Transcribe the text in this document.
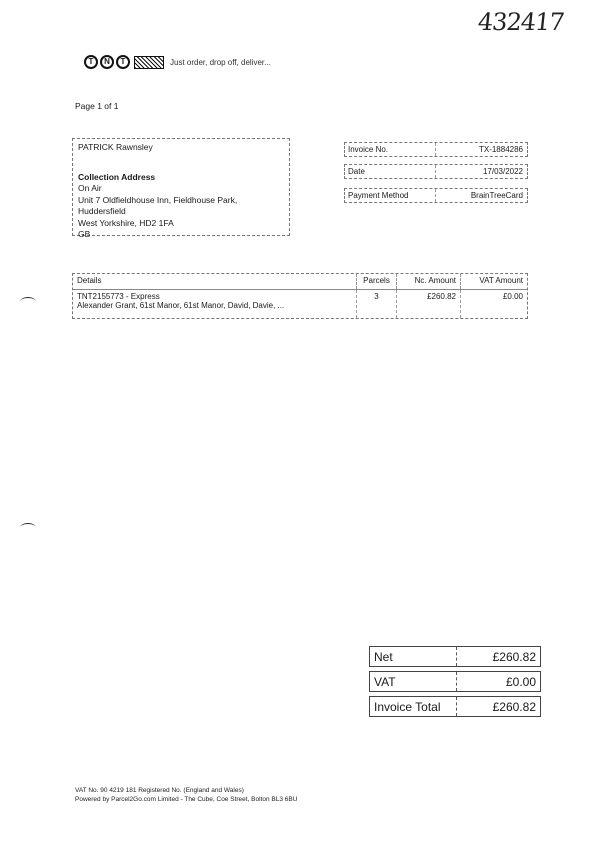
432417
T	N	T	Just order, drop off, deliver...
Page 1 of 1
PATRICK Rawnsley
Collection Address
On Air
Unit 7 Oldfieldhouse Inn, Fieldhouse Park,
Huddersfield
West Yorkshire, HD2 1FA
GB
Invoice No.	TX-1884286
Date	17/03/2022
Payment Method	BrainTreeCard
Details	Parcels	Nc. Amount	VAT Amount
TNT2155773 - Express
Alexander Grant, 61st Manor, 61st Manor, David, Davie, ...
3	£260.82	£0.00
Net	£260.82
VAT	£0.00
Invoice Total	£260.82
VAT No. 90 4219 181 Registered No. (England and Wales)
Powered by Parcel2Go.com Limited - The Cube, Coe Street, Bolton BL3 6BU
